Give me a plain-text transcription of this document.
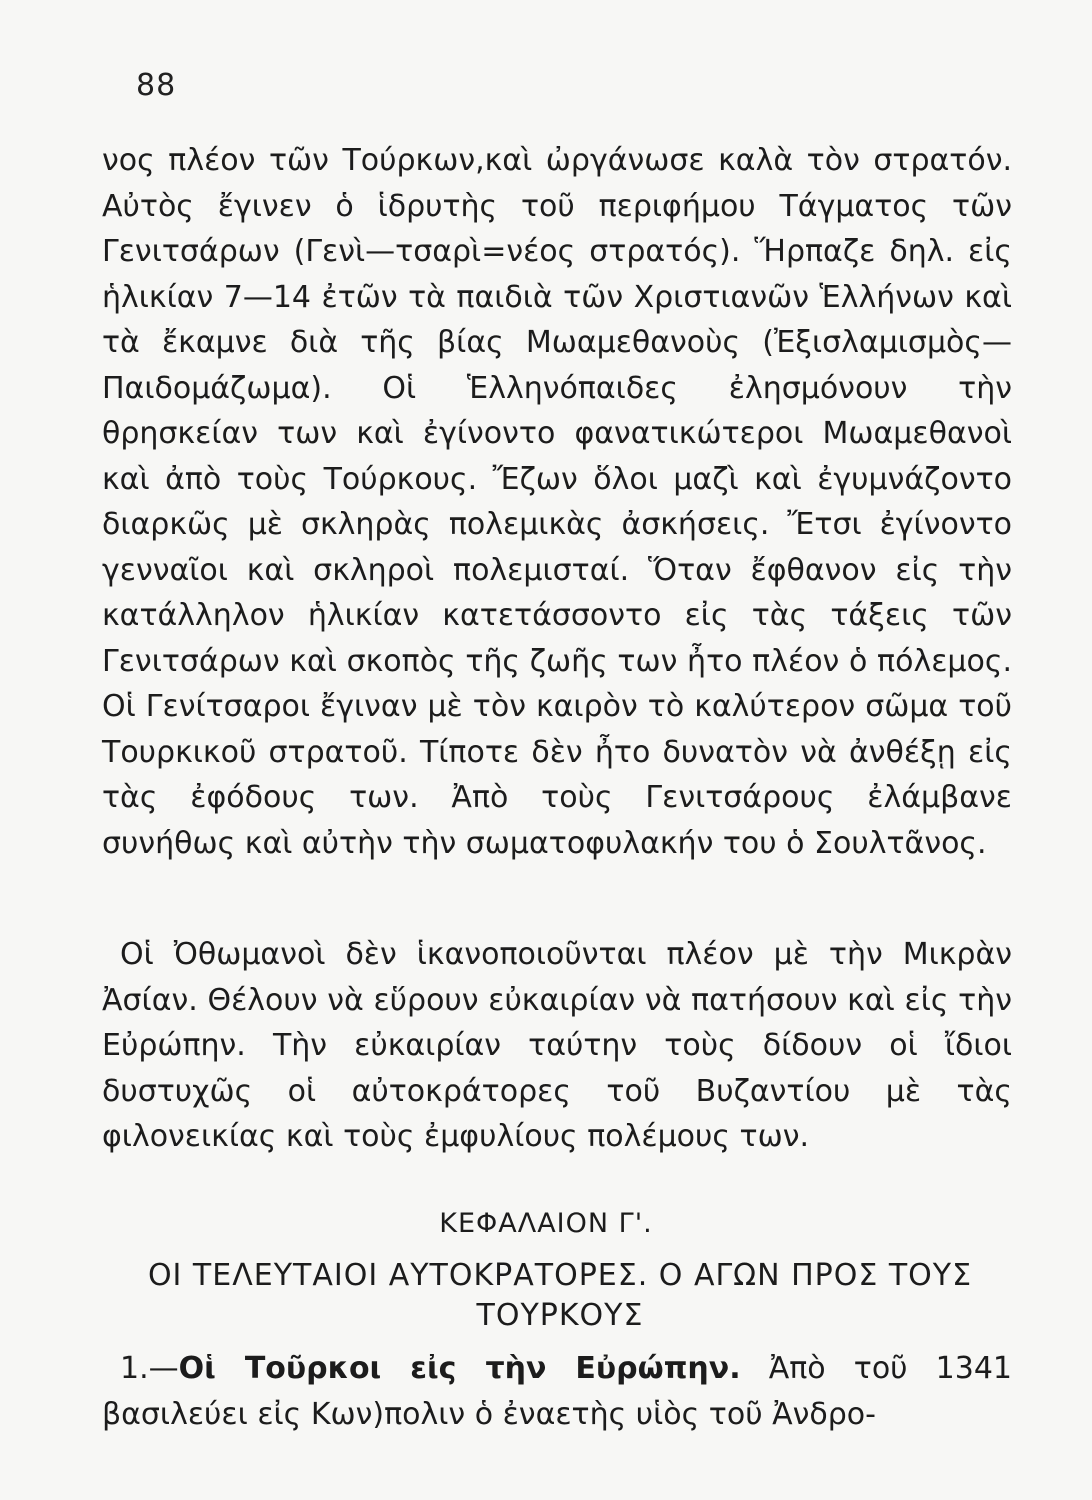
88
νος πλέον τῶν Τούρκων,καὶ ὠργάνωσε καλὰ τὸν στρατόν. Αὐτὸς ἔγινεν ὁ ἱδρυτὴς τοῦ περιφήμου Τάγματος τῶν Γενιτσάρων (Γενὶ—τσαρὶ=νέος στρατός). Ἥρπαζε δηλ. εἰς ἡλικίαν 7—14 ἐτῶν τὰ παιδιὰ τῶν Χριστιανῶν Ἑλλήνων καὶ τὰ ἔκαμνε διὰ τῆς βίας Μωαμεθανοὺς (Ἐξισλαμισμὸς—Παιδομάζωμα). Οἱ Ἑλληνόπαιδες ἐλησμόνουν τὴν θρησκείαν των καὶ ἐγίνοντο φανατικώτεροι Μωαμεθανοὶ καὶ ἀπὸ τοὺς Τούρκους. Ἔζων ὅλοι μαζὶ καὶ ἐγυμνάζοντο διαρκῶς μὲ σκληρὰς πολεμικὰς ἀσκήσεις. Ἔτσι ἐγίνοντο γενναῖοι καὶ σκληροὶ πολεμισταί. Ὅταν ἔφθανον εἰς τὴν κατάλληλον ἡλικίαν κατετάσσοντο εἰς τὰς τάξεις τῶν Γενιτσάρων καὶ σκοπὸς τῆς ζωῆς των ἦτο πλέον ὁ πόλεμος. Οἱ Γενίτσαροι ἔγιναν μὲ τὸν καιρὸν τὸ καλύτερον σῶμα τοῦ Τουρκικοῦ στρατοῦ. Τίποτε δὲν ἦτο δυνατὸν νὰ ἀνθέξῃ εἰς τὰς ἐφόδους των. Ἀπὸ τοὺς Γενιτσάρους ἐλάμβανε συνήθως καὶ αὐτὴν τὴν σωματοφυλακήν του ὁ Σουλτᾶνος.
Οἱ Ὀθωμανοὶ δὲν ἱκανοποιοῦνται πλέον μὲ τὴν Μικρὰν Ἀσίαν. Θέλουν νὰ εὕρουν εὐκαιρίαν νὰ πατήσουν καὶ εἰς τὴν Εὐρώπην. Τὴν εὐκαιρίαν ταύτην τοὺς δίδουν οἱ ἴδιοι δυστυχῶς οἱ αὐτοκράτορες τοῦ Βυζαντίου μὲ τὰς φιλονεικίας καὶ τοὺς ἐμφυλίους πολέμους των.
ΚΕΦΑΛΑΙΟΝ Γ'.
ΟΙ ΤΕΛΕΥΤΑΙΟΙ ΑΥΤΟΚΡΑΤΟΡΕΣ. Ο ΑΓΩΝ ΠΡΟΣ ΤΟΥΣ ΤΟΥΡΚΟΥΣ
1.—Οἱ Τοῦρκοι εἰς τὴν Εὐρώπην. Ἀπὸ τοῦ 1341 βασιλεύει εἰς Κων)πολιν ὁ ἐναετὴς υἱὸς τοῦ Ἀνδρο-
